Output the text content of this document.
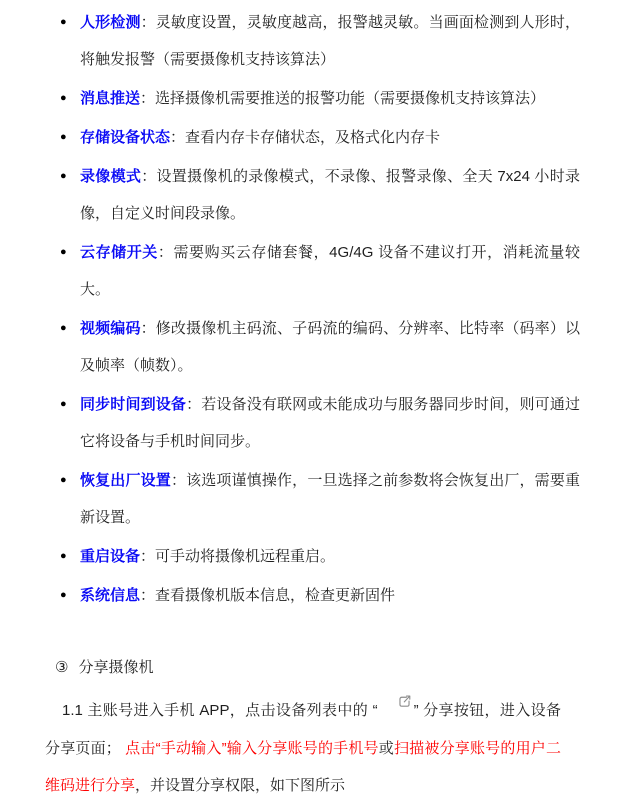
● 人形检测：灵敏度设置，灵敏度越高，报警越灵敏。当画面检测到人形时，将触发报警（需要摄像机支持该算法）
● 消息推送：选择摄像机需要推送的报警功能（需要摄像机支持该算法）
● 存储设备状态：查看内存卡存储状态，及格式化内存卡
● 录像模式：设置摄像机的录像模式，不录像、报警录像、全天 7x24 小时录像，自定义时间段录像。
● 云存储开关：需要购买云存储套餐，4G/4G 设备不建议打开，消耗流量较大。
● 视频编码：修改摄像机主码流、子码流的编码、分辨率、比特率（码率）以及帧率（帧数）。
● 同步时间到设备：若设备没有联网或未能成功与服务器同步时间，则可通过它将设备与手机时间同步。
● 恢复出厂设置：该选项谨慎操作，一旦选择之前参数将会恢复出厂，需要重新设置。
● 重启设备：可手动将摄像机远程重启。
● 系统信息：查看摄像机版本信息，检查更新固件
③ 分享摄像机

1.1 主账号进入手机 APP，点击设备列表中的 “ ” 分享按钮，进入设备分享页面； 点击“手动输入”输入分享账号的手机号或扫描被分享账号的用户二维码进行分享，并设置分享权限，如下图所示
